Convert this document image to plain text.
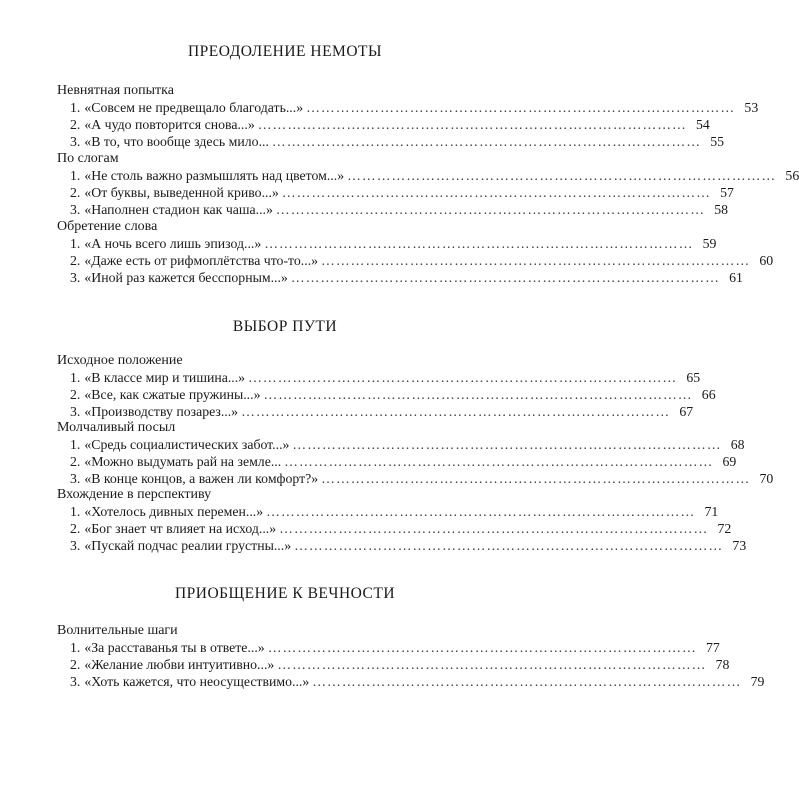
ПРЕОДОЛЕНИЕ НЕМОТЫ
Невнятная попытка
1. «Совсем не предвещало благодать...» …………………………………………………………………………… 53
2. «А чудо повторится снова...» …………………………………………………………………………… 54
3. «В то, что вообще здесь мило... …………………………………………………………………………… 55
По слогам
1. «Не столь важно размышлять над цветом...» …………………………………………………………………………… 56
2. «От буквы, выведенной криво...» …………………………………………………………………………… 57
3. «Наполнен стадион как чаша...» …………………………………………………………………………… 58
Обретение слова
1. «А ночь всего лишь эпизод...» …………………………………………………………………………… 59
2. «Даже есть от рифмоплётства что-то...» …………………………………………………………………………… 60
3. «Иной раз кажется бесспорным...» …………………………………………………………………………… 61
ВЫБОР ПУТИ
Исходное положение
1. «В классе мир и тишина...» …………………………………………………………………………… 65
2. «Все, как сжатые пружины...» …………………………………………………………………………… 66
3. «Производству позарез...» …………………………………………………………………………… 67
Молчаливый посыл
1. «Средь социалистических забот...» …………………………………………………………………………… 68
2. «Можно выдумать рай на земле... …………………………………………………………………………… 69
3. «В конце концов, а важен ли комфорт?» …………………………………………………………………………… 70
Вхождение в перспективу
1. «Хотелось дивных перемен...» …………………………………………………………………………… 71
2. «Бог знает чт влияет на исход...» …………………………………………………………………………… 72
3. «Пускай подчас реалии грустны...» …………………………………………………………………………… 73
ПРИОБЩЕНИЕ К ВЕЧНОСТИ
Волнительные шаги
1. «За расставанья ты в ответе...» …………………………………………………………………………… 77
2. «Желание любви интуитивно...» …………………………………………………………………………… 78
3. «Хоть кажется, что неосуществимо...» …………………………………………………………………………… 79
